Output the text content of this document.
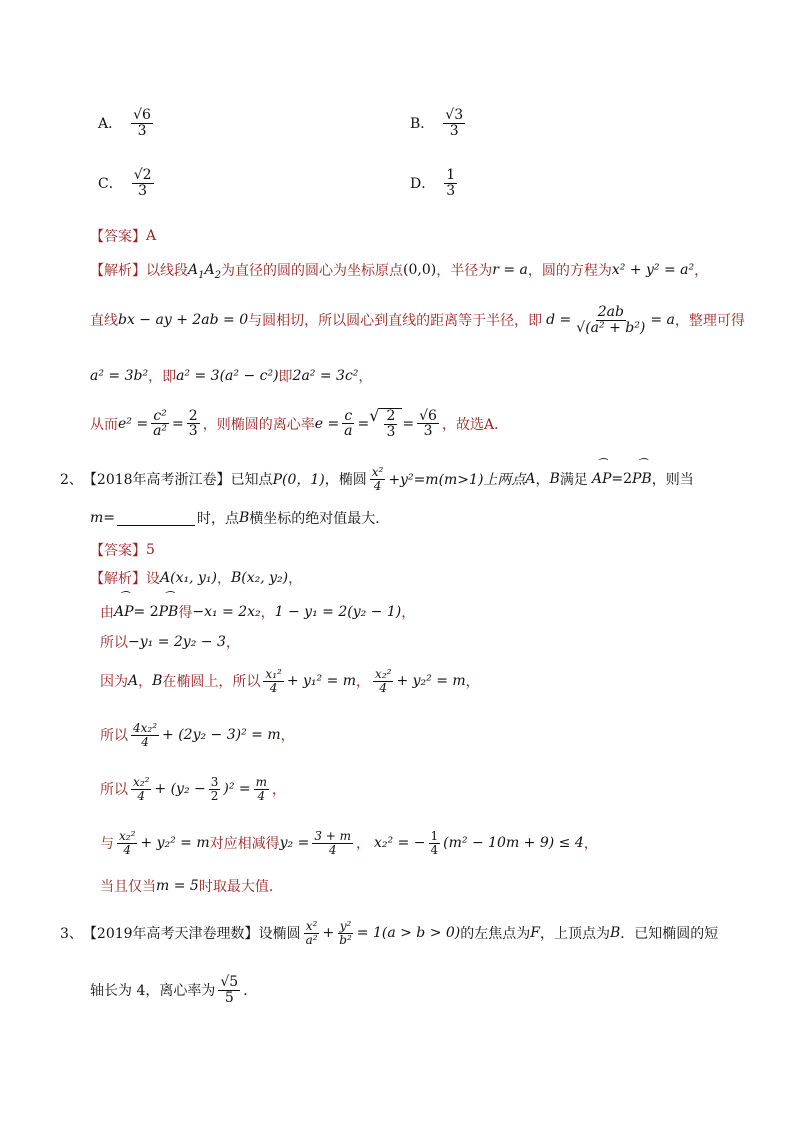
A． $\frac{√6}{3}$	B． $\frac{√3}{3}$
C． $\frac{√2}{3}$	D． $\frac{1}{3}$
【答案】 A
【解析】 以线段 $A_1A_2$ 为直径的圆的圆心为坐标原点 (0,0) ，半径为 r = a ，圆的方程为 x² + y² = a² ，
直线 bx − ay + 2ab = 0 与圆相切，所以圆心到直线的距离等于半径，即 $d = \frac{2ab}{\text{√(a² + b²)}} = a$ ，整理可得
a² = 3b² ，即 a² = 3(a² − c²) 即 2a² = 3c² ，
从而 $e^2 = \frac{\text{c²}}{\text{a²}} = \frac{2}{3}$ ，则椭圆的离心率 $e = \frac{c}{a}$ = √ $\frac{2}{3} = \frac{√6}{3}$ ，故选A．
2、 【2018年高考浙江卷】 已知点 P(0，1) ，椭圆 $\frac{\text{x²}}{4} +y^2=m(m>1)$上两点 A ， B 满足 ⏜ AP =2 ⏜ PB ，则当
m=	时，点 B 横坐标的绝对值最大．
【答案】 5
【解析】 设 A(x₁, y₁) ， B(x₂, y₂) ，
由 ⏜ AP = 2 ⏜ PB 得 −x₁ = 2x₂ ， 1 − y₁ = 2(y₂ − 1) ，
所以 −y₁ = 2y₂ − 3 ，
因为 A ， B 在椭圆上，所以 $\frac{\text{x₁²}}{4} + y_1^2 = m$ ， $\frac{\text{x₂²}}{4} + y_2^2 = m$ ，
所以 $\frac{\text{4x₂²}}{4} + (2y_2 - 3)^2 = m$ ，
所以 $\frac{\text{x₂²}}{4} + (y_2 - \frac{3}{2} )^2 = \frac{m}{4}$ ，
与 $\frac{\text{x₂²}}{4} + y_2^2 = m$ 对应相减得 $y_2 = \frac{3 + m}{4}$ ， x₂² = − $\frac{1}{4} (m^2 - 10m + 9) \le 4$ ，
当且仅当 m = 5 时取最大值．
3、 【2019年高考天津卷理数】 设椭圆 $\frac{\text{x²}}{\text{a²}} + \frac{\text{y²}}{\text{b²}} = 1(a > b > 0)$ 的左焦点为 F ，上顶点为 B ．已知椭圆的短
轴长为 4，离心率为 $\frac{√5}{5}$ ．
